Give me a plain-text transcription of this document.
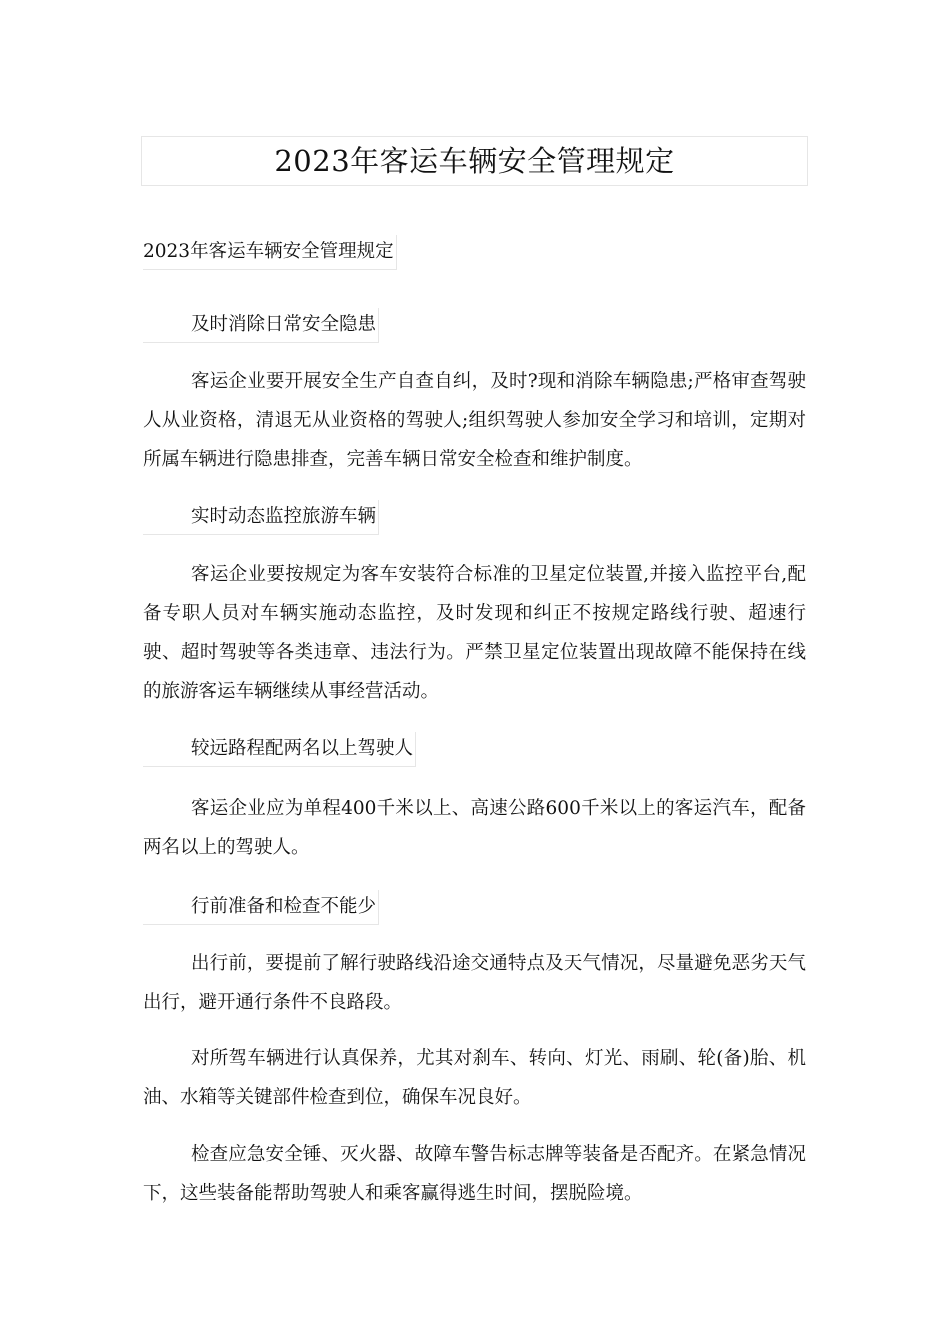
2023年客运车辆安全管理规定
2023年客运车辆安全管理规定
及时消除日常安全隐患
客运企业要开展安全生产自查自纠，及时?现和消除车辆隐患;严格审查驾驶人从业资格，清退无从业资格的驾驶人;组织驾驶人参加安全学习和培训，定期对所属车辆进行隐患排查，完善车辆日常安全检查和维护制度。
实时动态监控旅游车辆
客运企业要按规定为客车安装符合标准的卫星定位装置,并接入监控平台,配备专职人员对车辆实施动态监控，及时发现和纠正不按规定路线行驶、超速行驶、超时驾驶等各类违章、违法行为。严禁卫星定位装置出现故障不能保持在线的旅游客运车辆继续从事经营活动。
较远路程配两名以上驾驶人
客运企业应为单程400千米以上、高速公路600千米以上的客运汽车，配备两名以上的驾驶人。
行前准备和检查不能少
出行前，要提前了解行驶路线沿途交通特点及天气情况，尽量避免恶劣天气出行，避开通行条件不良路段。
对所驾车辆进行认真保养，尤其对刹车、转向、灯光、雨刷、轮(备)胎、机油、水箱等关键部件检查到位，确保车况良好。
检查应急安全锤、灭火器、故障车警告标志牌等装备是否配齐。在紧急情况下，这些装备能帮助驾驶人和乘客赢得逃生时间，摆脱险境。
